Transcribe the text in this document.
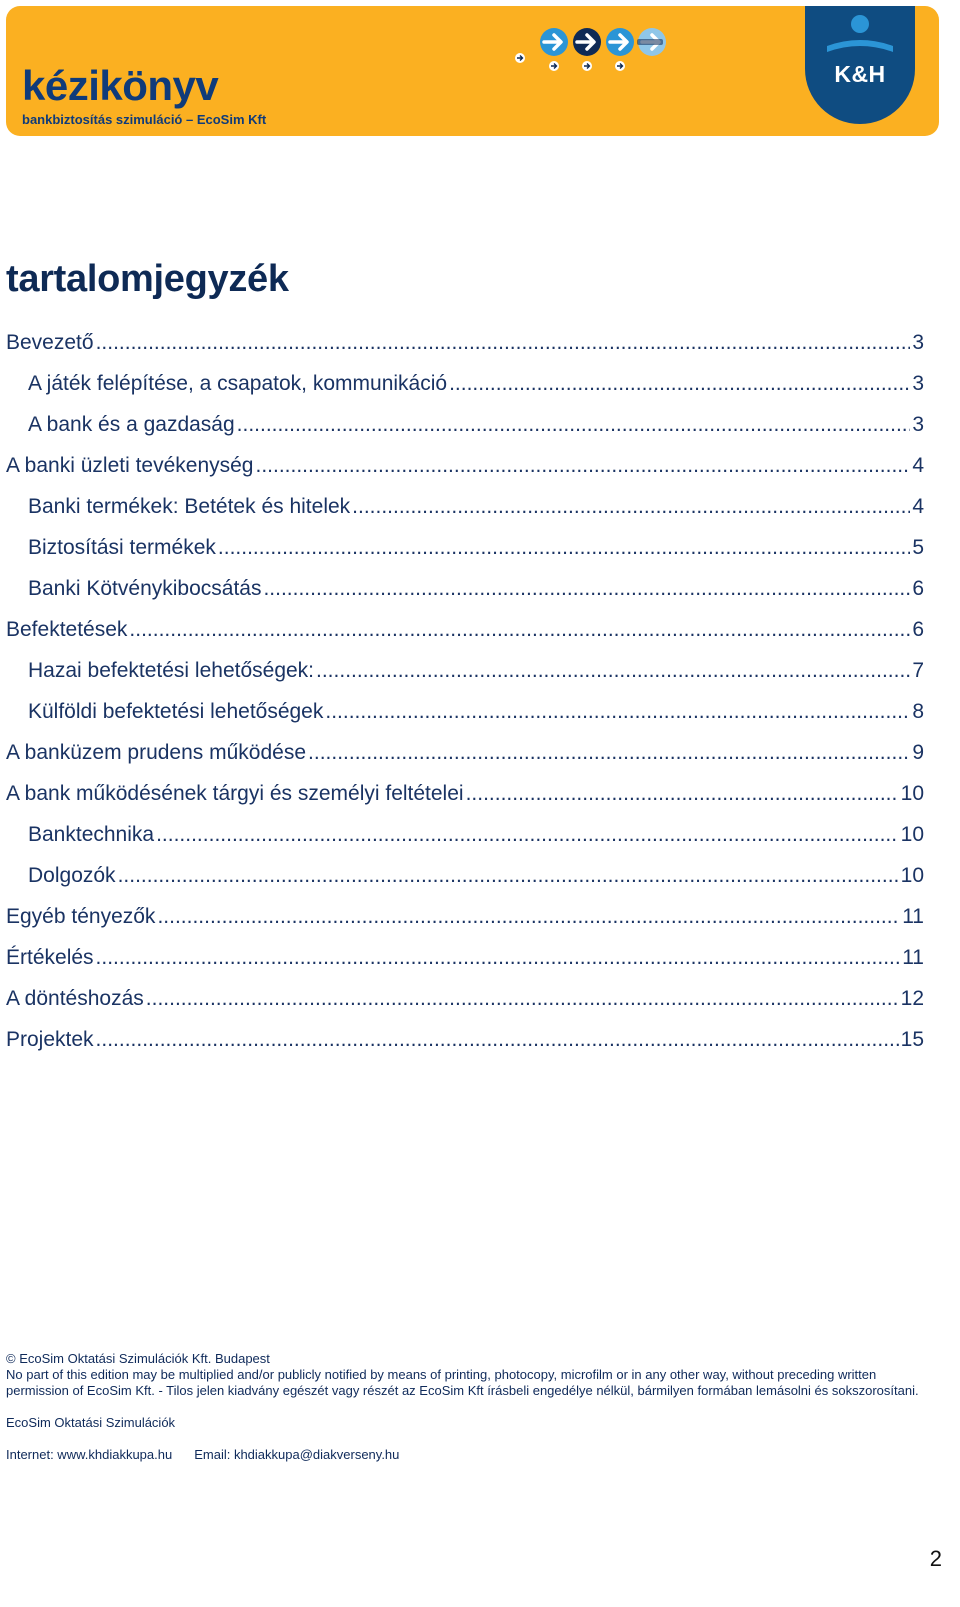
kézikönyv
bankbiztosítás szimuláció – EcoSim Kft
K&H
tartalomjegyzék
Bevezető .....	3
A játék felépítése, a csapatok, kommunikáció .....	3
A bank és a gazdaság .....	3
A banki üzleti tevékenység .....	4
Banki termékek: Betétek és hitelek .....	4
Biztosítási termékek .....	5
Banki Kötvénykibocsátás .....	6
Befektetések .....	6
Hazai befektetési lehetőségek: .....	7
Külföldi befektetési lehetőségek .....	8
A banküzem prudens működése .....	9
A bank működésének tárgyi és személyi feltételei .....	10
Banktechnika .....	10
Dolgozók .....	10
Egyéb tényezők .....	11
Értékelés .....	11
A döntéshozás .....	12
Projektek .....	15

© EcoSim Oktatási Szimulációk Kft. Budapest

No part of this edition may be multiplied and/or publicly notified by means of printing, photocopy, microfilm or in any other way, without preceding written permission of EcoSim Kft. - Tilos jelen kiadvány egészét vagy részét az EcoSim Kft írásbeli engedélye nélkül, bármilyen formában lemásolni és sokszorosítani.

EcoSim Oktatási Szimulációk

Internet: www.khdiakkupa.hu Email: khdiakkupa@diakverseny.hu

2
